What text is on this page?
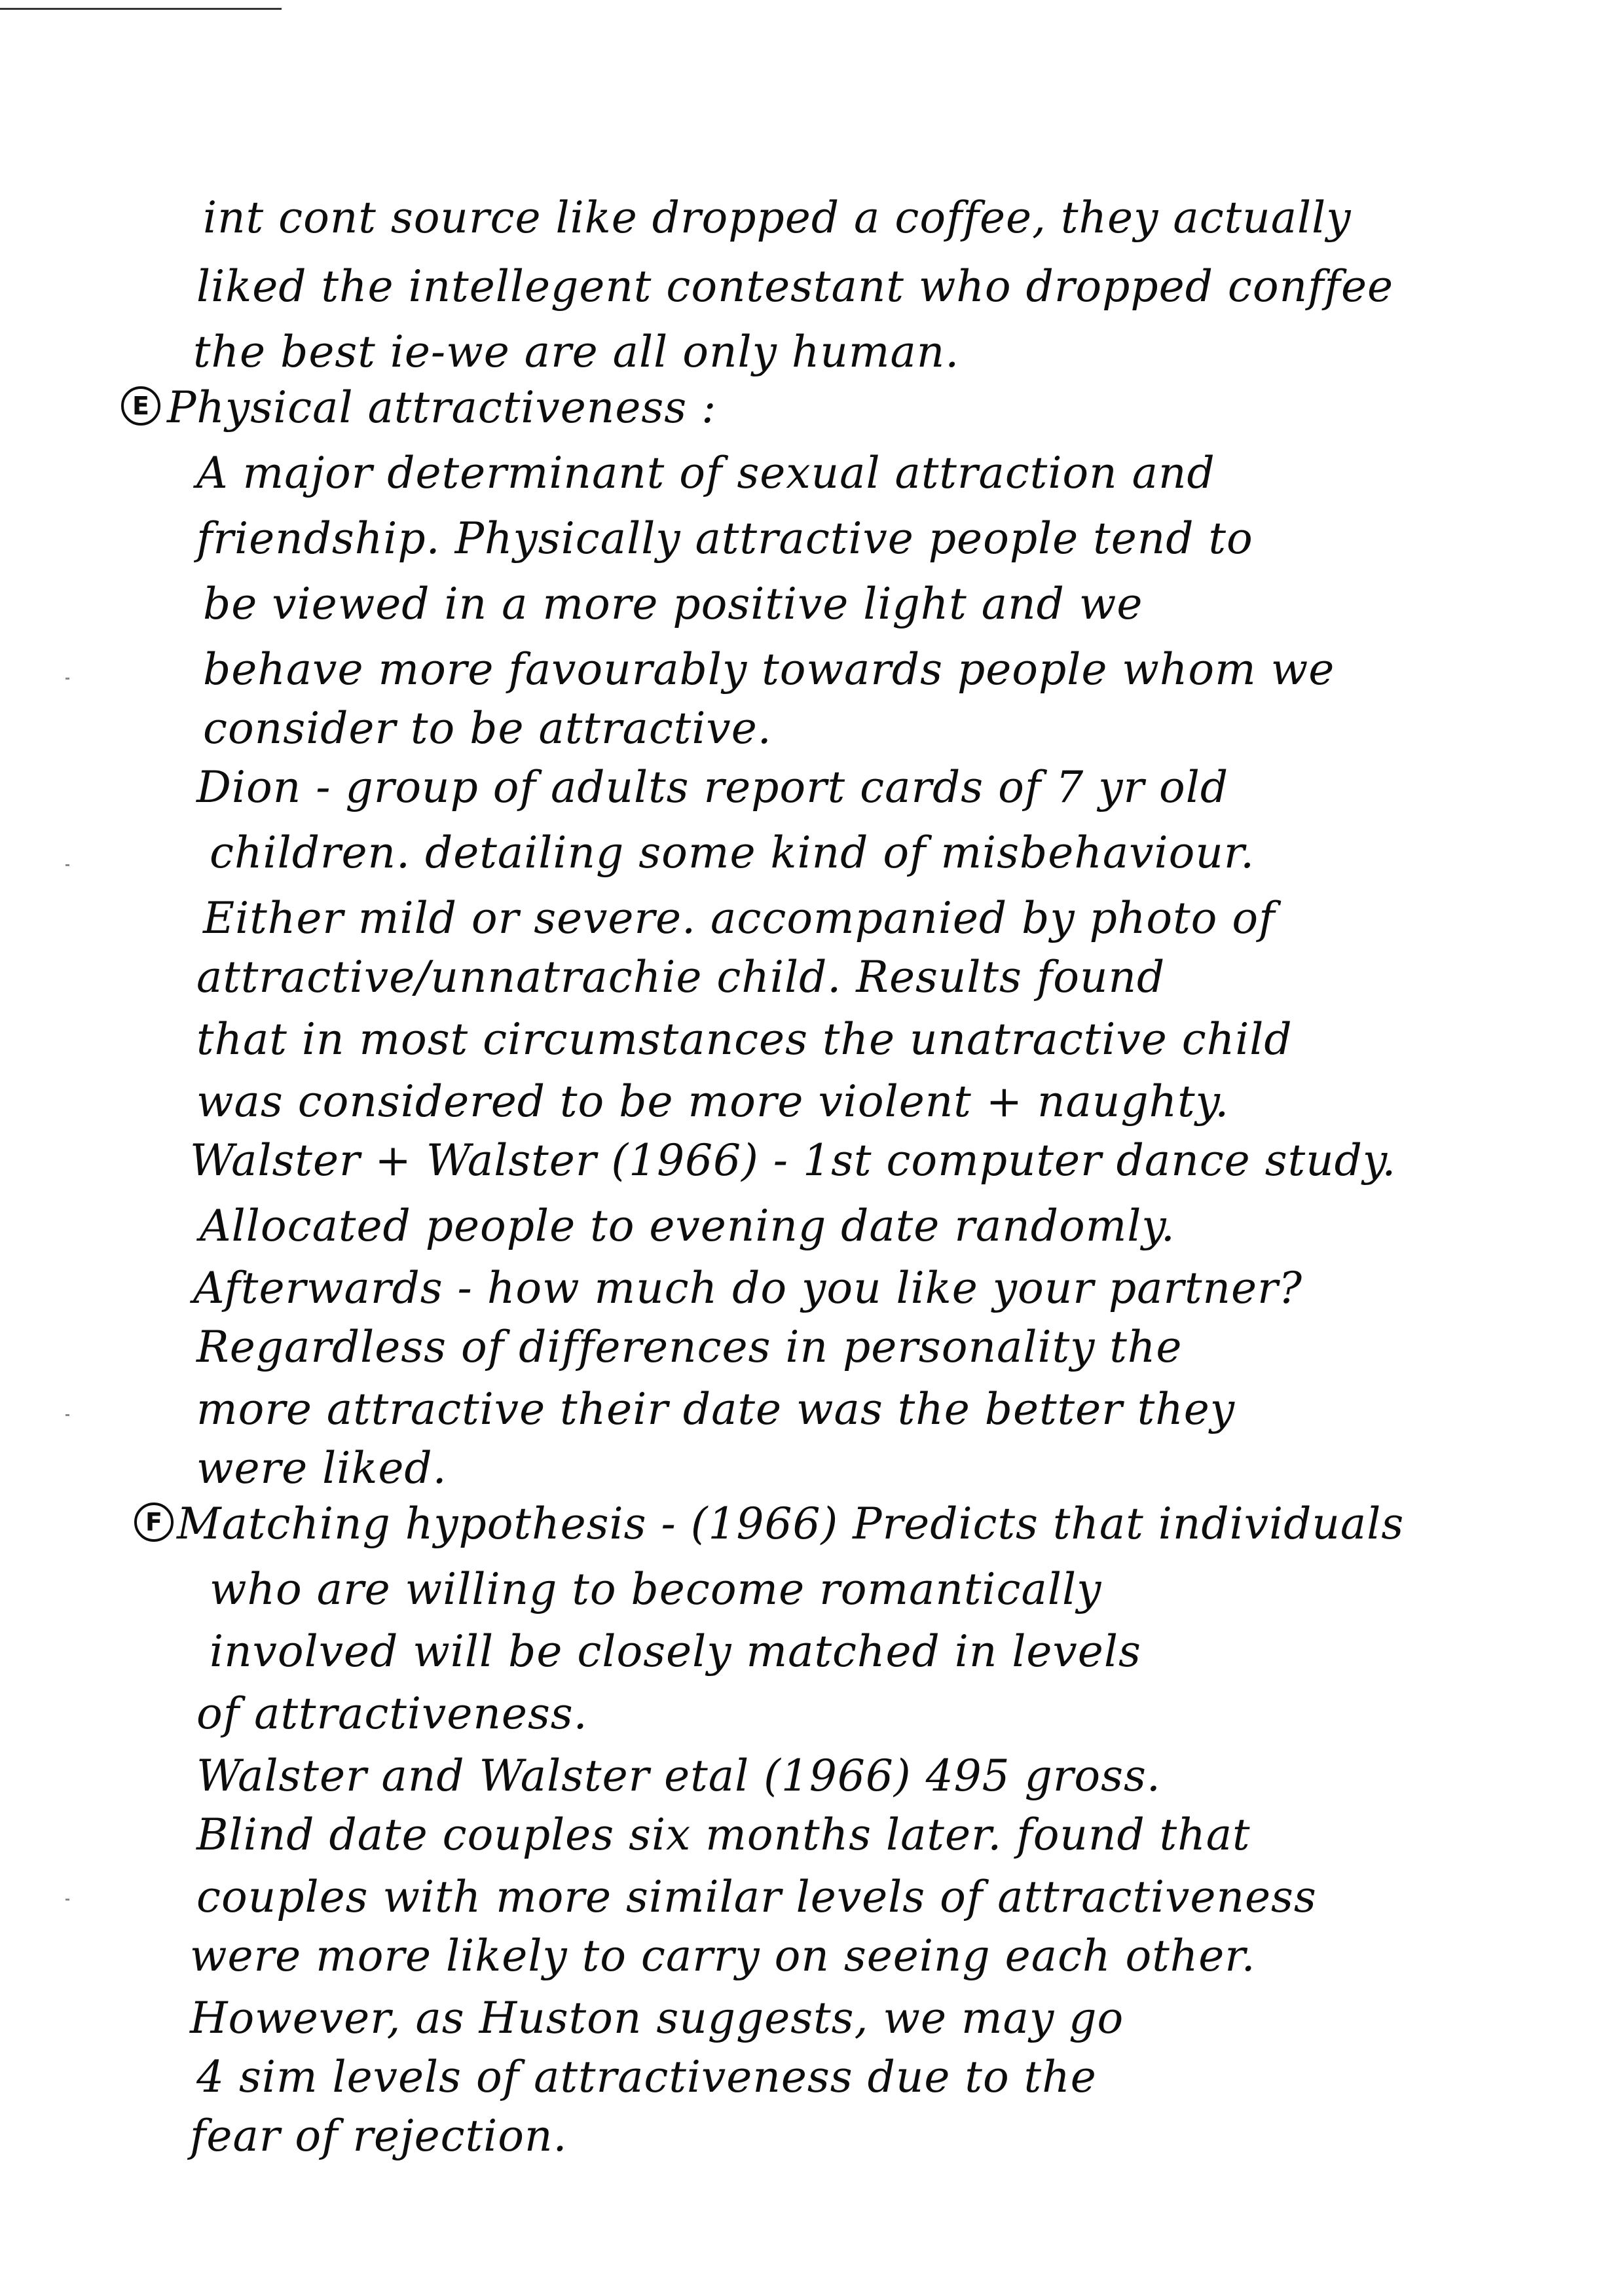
int cont source like dropped a coffee, they actually
liked the intellegent contestant who dropped conffee
the best ie-we are all only human.
E Physical attractiveness :
A major determinant of sexual attraction and
friendship. Physically attractive people tend to
be viewed in a more positive light and we
behave more favourably towards people whom we
consider to be attractive.
Dion - group of adults report cards of 7 yr old
children. detailing some kind of misbehaviour.
Either mild or severe. accompanied by photo of
attractive/unnatrachie child. Results found
that in most circumstances the unatractive child
was considered to be more violent + naughty.
Walster + Walster (1966) - 1st computer dance study.
Allocated people to evening date randomly.
Afterwards - how much do you like your partner?
Regardless of differences in personality the
more attractive their date was the better they
were liked.
F Matching hypothesis - (1966) Predicts that individuals
who are willing to become romantically
involved will be closely matched in levels
of attractiveness.
Walster and Walster etal (1966) 495 gross.
Blind date couples six months later. found that
couples with more similar levels of attractiveness
were more likely to carry on seeing each other.
However, as Huston suggests, we may go
4 sim levels of attractiveness due to the
fear of rejection.
